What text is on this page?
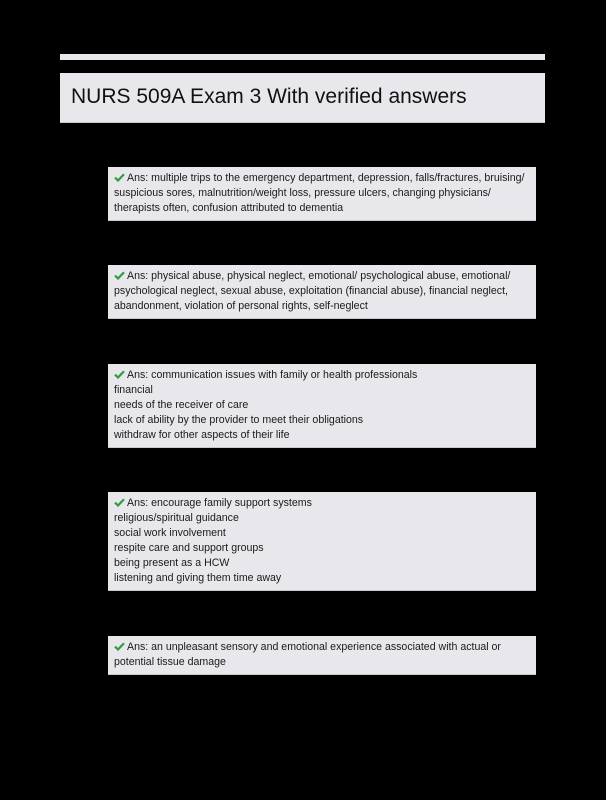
NURS 509A Exam 3 With verified answers
Ans: multiple trips to the emergency department, depression, falls/fractures, bruising/
suspicious sores, malnutrition/weight loss, pressure ulcers, changing physicians/
therapists often, confusion attributed to dementia
Ans: physical abuse, physical neglect, emotional/ psychological abuse, emotional/
psychological neglect, sexual abuse, exploitation (financial abuse), financial neglect,
abandonment, violation of personal rights, self-neglect
Ans: communication issues with family or health professionals
financial
needs of the receiver of care
lack of ability by the provider to meet their obligations
withdraw for other aspects of their life
Ans: encourage family support systems
religious/spiritual guidance
social work involvement
respite care and support groups
being present as a HCW
listening and giving them time away
Ans: an unpleasant sensory and emotional experience associated with actual or
potential tissue damage
